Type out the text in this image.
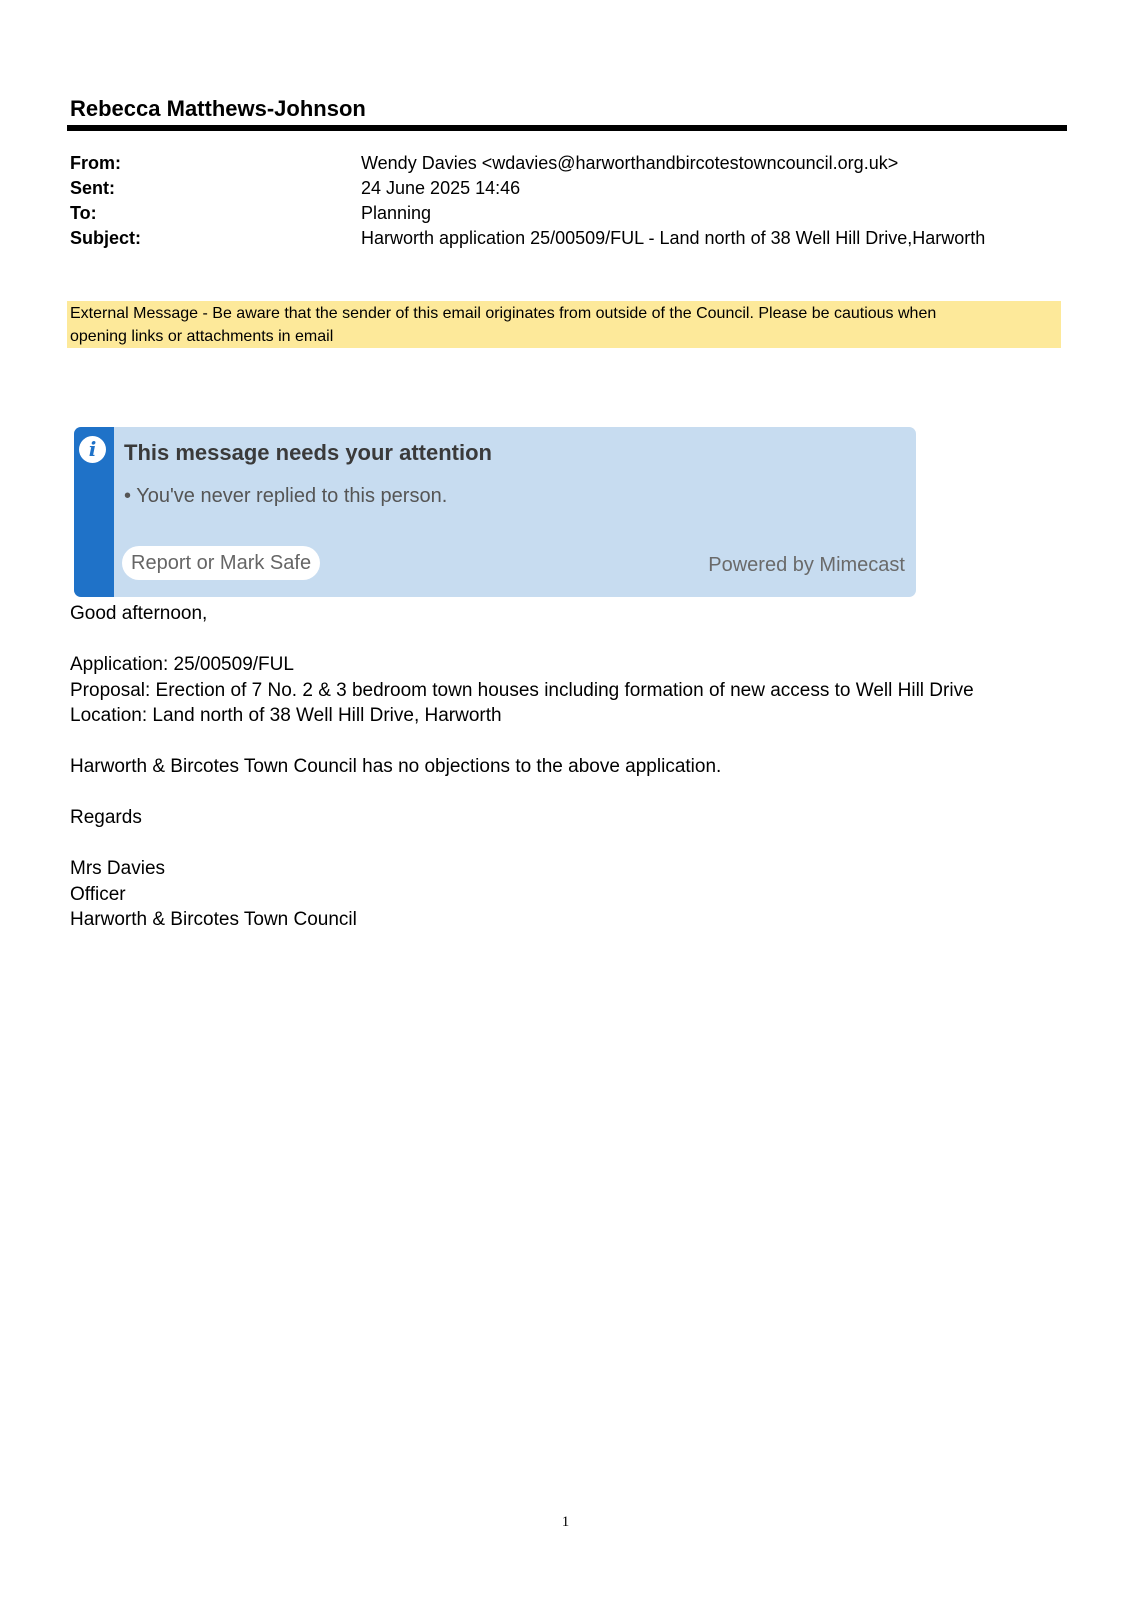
Rebecca Matthews-Johnson
From:	Wendy Davies <wdavies@harworthandbircotestowncouncil.org.uk>
Sent:	24 June 2025 14:46
To:	Planning
Subject:	Harworth application 25/00509/FUL - Land north of 38 Well Hill Drive,Harworth
External Message - Be aware that the sender of this email originates from outside of the Council. Please be cautious when
opening links or attachments in email
i	This message needs your attention
• You've never replied to this person.
Report or Mark Safe	Powered by Mimecast

Good afternoon,

Application: 25/00509/FUL
Proposal: Erection of 7 No. 2 & 3 bedroom town houses including formation of new access to Well Hill Drive
Location: Land north of 38 Well Hill Drive, Harworth

Harworth & Bircotes Town Council has no objections to the above application.

Regards

Mrs Davies
Officer
Harworth & Bircotes Town Council

1
